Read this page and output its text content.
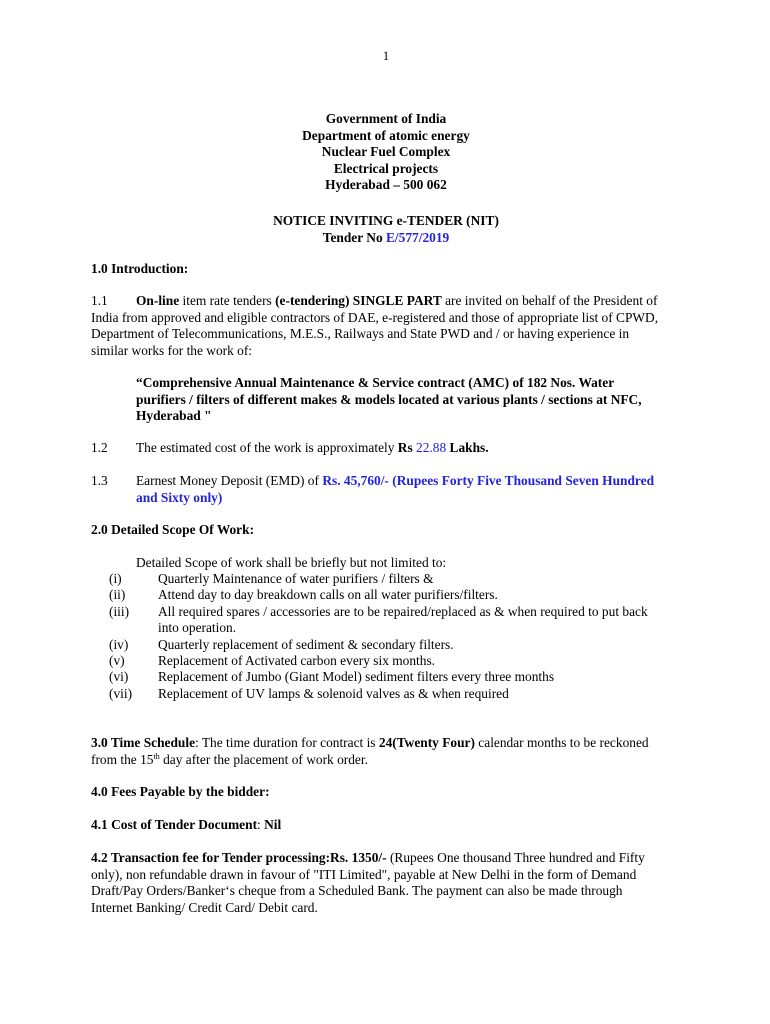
1
Government of India
Department of atomic energy
Nuclear Fuel Complex
Electrical projects
Hyderabad – 500 062
NOTICE INVITING e-TENDER (NIT)
Tender No E/577/2019
1.0 Introduction:
1.1 On-line item rate tenders (e-tendering) SINGLE PART are invited on behalf of the President of
India from approved and eligible contractors of DAE, e-registered and those of appropriate list of CPWD,
Department of Telecommunications, M.E.S., Railways and State PWD and / or having experience in
similar works for the work of:
“Comprehensive Annual Maintenance & Service contract (AMC) of 182 Nos. Water
purifiers / filters of different makes & models located at various plants / sections at NFC,
Hyderabad "
1.2 The estimated cost of the work is approximately Rs 22.88 Lakhs.
1.3 Earnest Money Deposit (EMD) of Rs. 45,760/- (Rupees Forty Five Thousand Seven Hundred
and Sixty only)
2.0 Detailed Scope Of Work:
Detailed Scope of work shall be briefly but not limited to:
(i)	Quarterly Maintenance of water purifiers / filters &
(ii)	Attend day to day breakdown calls on all water purifiers/filters.
(iii)	All required spares / accessories are to be repaired/replaced as & when required to put back
into operation.
(iv)	Quarterly replacement of sediment & secondary filters.
(v)	Replacement of Activated carbon every six months.
(vi)	Replacement of Jumbo (Giant Model) sediment filters every three months
(vii)	Replacement of UV lamps & solenoid valves as & when required
3.0 Time Schedule: The time duration for contract is 24(Twenty Four) calendar months to be reckoned
from the 15th day after the placement of work order.
4.0 Fees Payable by the bidder:
4.1 Cost of Tender Document: Nil
4.2 Transaction fee for Tender processing:Rs. 1350/- (Rupees One thousand Three hundred and Fifty
only), non refundable drawn in favour of "ITI Limited", payable at New Delhi in the form of Demand
Draft/Pay Orders/Banker‘s cheque from a Scheduled Bank. The payment can also be made through
Internet Banking/ Credit Card/ Debit card.
